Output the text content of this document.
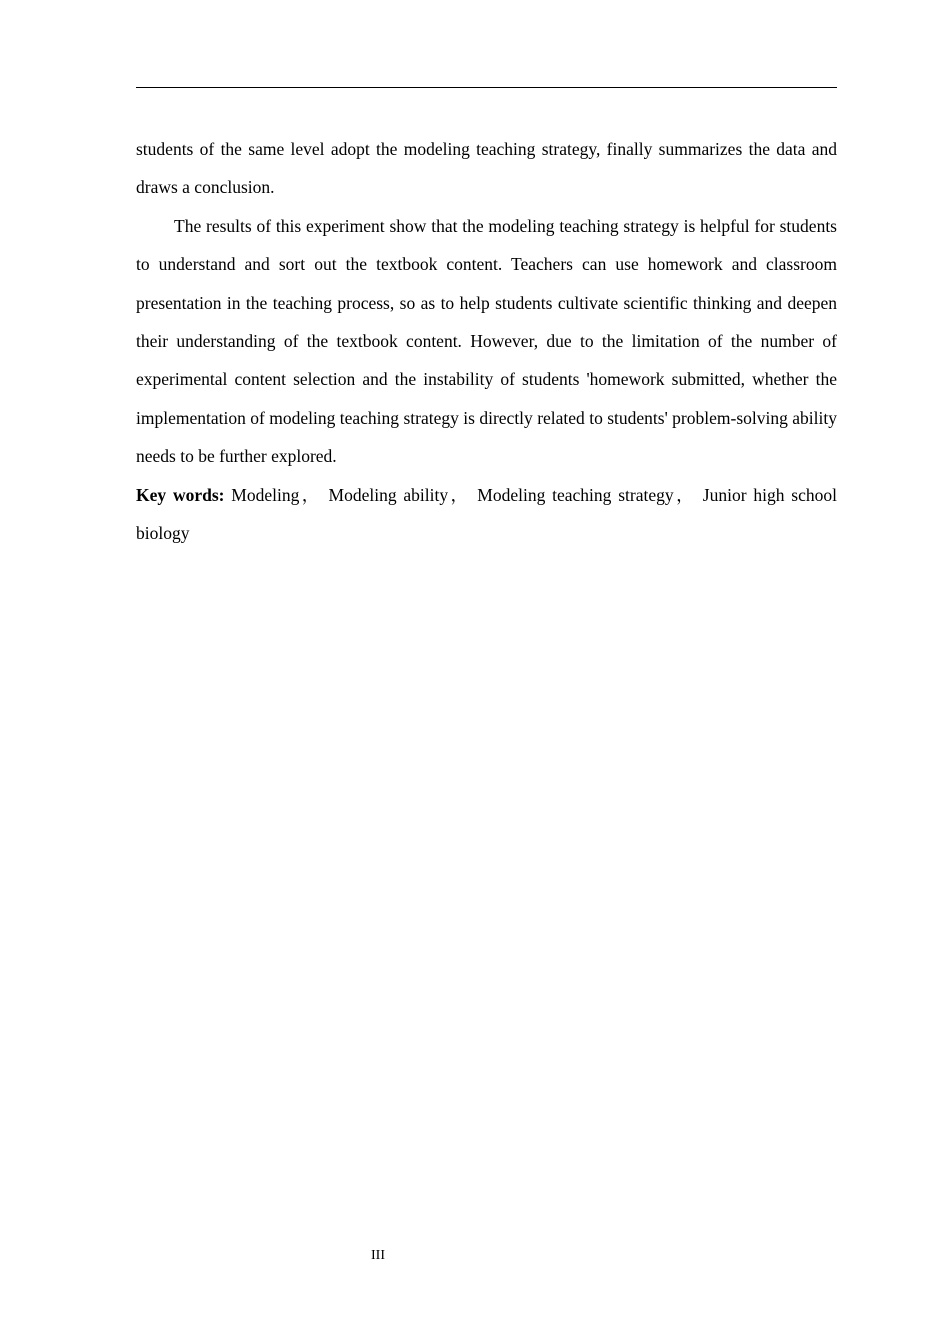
students of the same level adopt the modeling teaching strategy, finally summarizes the data and draws a conclusion.

The results of this experiment show that the modeling teaching strategy is helpful for students to understand and sort out the textbook content. Teachers can use homework and classroom presentation in the teaching process, so as to help students cultivate scientific thinking and deepen their understanding of the textbook content. However, due to the limitation of the number of experimental content selection and the instability of students 'homework submitted, whether the implementation of modeling teaching strategy is directly related to students' problem-solving ability needs to be further explored.

Key words: Modeling， Modeling ability， Modeling teaching strategy， Junior high school biology

III
